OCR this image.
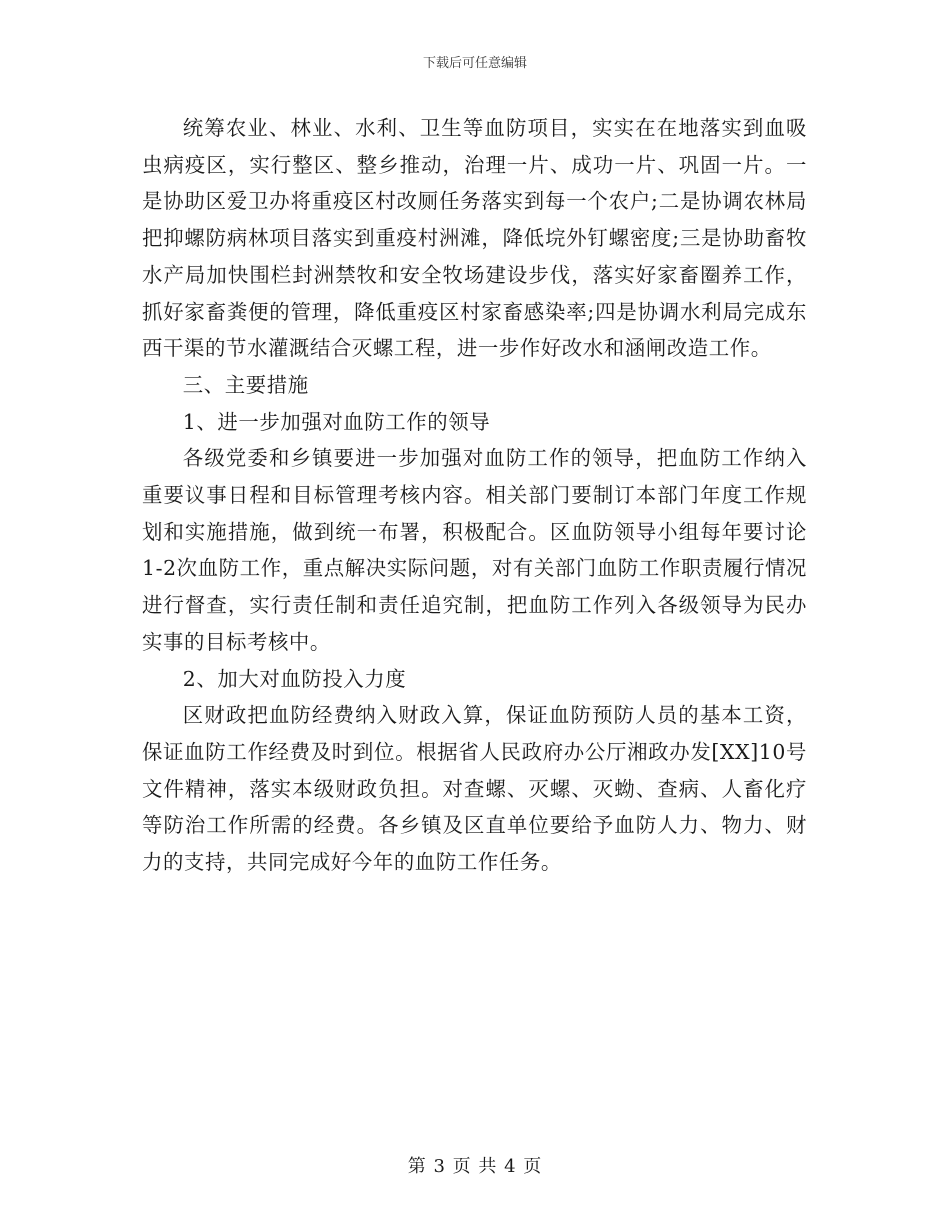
下载后可任意编辑

统筹农业、林业、水利、卫生等血防项目，实实在在地落实到血吸虫病疫区，实行整区、整乡推动，治理一片、成功一片、巩固一片。一是协助区爱卫办将重疫区村改厕任务落实到每一个农户;二是协调农林局把抑螺防病林项目落实到重疫村洲滩，降低垸外钉螺密度;三是协助畜牧水产局加快围栏封洲禁牧和安全牧场建设步伐，落实好家畜圈养工作，抓好家畜粪便的管理，降低重疫区村家畜感染率;四是协调水利局完成东西干渠的节水灌溉结合灭螺工程，进一步作好改水和涵闸改造工作。

三、主要措施

1、进一步加强对血防工作的领导

各级党委和乡镇要进一步加强对血防工作的领导，把血防工作纳入重要议事日程和目标管理考核内容。相关部门要制订本部门年度工作规划和实施措施，做到统一布署，积极配合。区血防领导小组每年要讨论1-2次血防工作，重点解决实际问题，对有关部门血防工作职责履行情况进行督查，实行责任制和责任追究制，把血防工作列入各级领导为民办实事的目标考核中。

2、加大对血防投入力度

区财政把血防经费纳入财政入算，保证血防预防人员的基本工资，保证血防工作经费及时到位。根据省人民政府办公厅湘政办发[XX]10号文件精神，落实本级财政负担。对查螺、灭螺、灭蚴、查病、人畜化疗等防治工作所需的经费。各乡镇及区直单位要给予血防人力、物力、财力的支持，共同完成好今年的血防工作任务。

第 3 页 共 4 页
